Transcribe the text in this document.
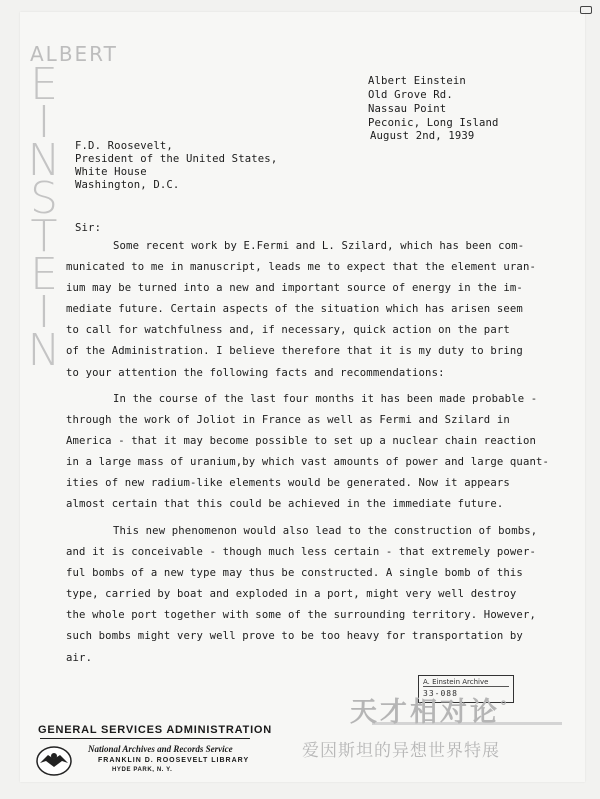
ALBERT
E
I
N
S
T
E
I
N
Albert Einstein
Old Grove Rd.
Nassau Point
Peconic, Long Island
August 2nd, 1939
F.D. Roosevelt,
President of the United States,
White House
Washington, D.C.
Sir:
Some recent work by E.Fermi and L. Szilard, which has been com-
municated to me in manuscript, leads me to expect that the element uran-
ium may be turned into a new and important source of energy in the im-
mediate future. Certain aspects of the situation which has arisen seem
to call for watchfulness and, if necessary, quick action on the part
of the Administration. I believe therefore that it is my duty to bring
to your attention the following facts and recommendations:
In the course of the last four months it has been made probable -
through the work of Joliot in France as well as Fermi and Szilard in
America - that it may become possible to set up a nuclear chain reaction
in a large mass of uranium,by which vast amounts of power and large quant-
ities of new radium-like elements would be generated. Now it appears
almost certain that this could be achieved in the immediate future.
This new phenomenon would also lead to the construction of bombs,
and it is conceivable - though much less certain - that extremely power-
ful bombs of a new type may thus be constructed. A single bomb of this
type, carried by boat and exploded in a port, might very well destroy
the whole port together with some of the surrounding territory. However,
such bombs might very well prove to be too heavy for transportation by
air.
A. Einstein Archive
33-088
天才相对论°
爱因斯坦的异想世界特展
GENERAL SERVICES ADMINISTRATION
National Archives and Records Service
FRANKLIN D. ROOSEVELT LIBRARY
HYDE PARK, N. Y.
